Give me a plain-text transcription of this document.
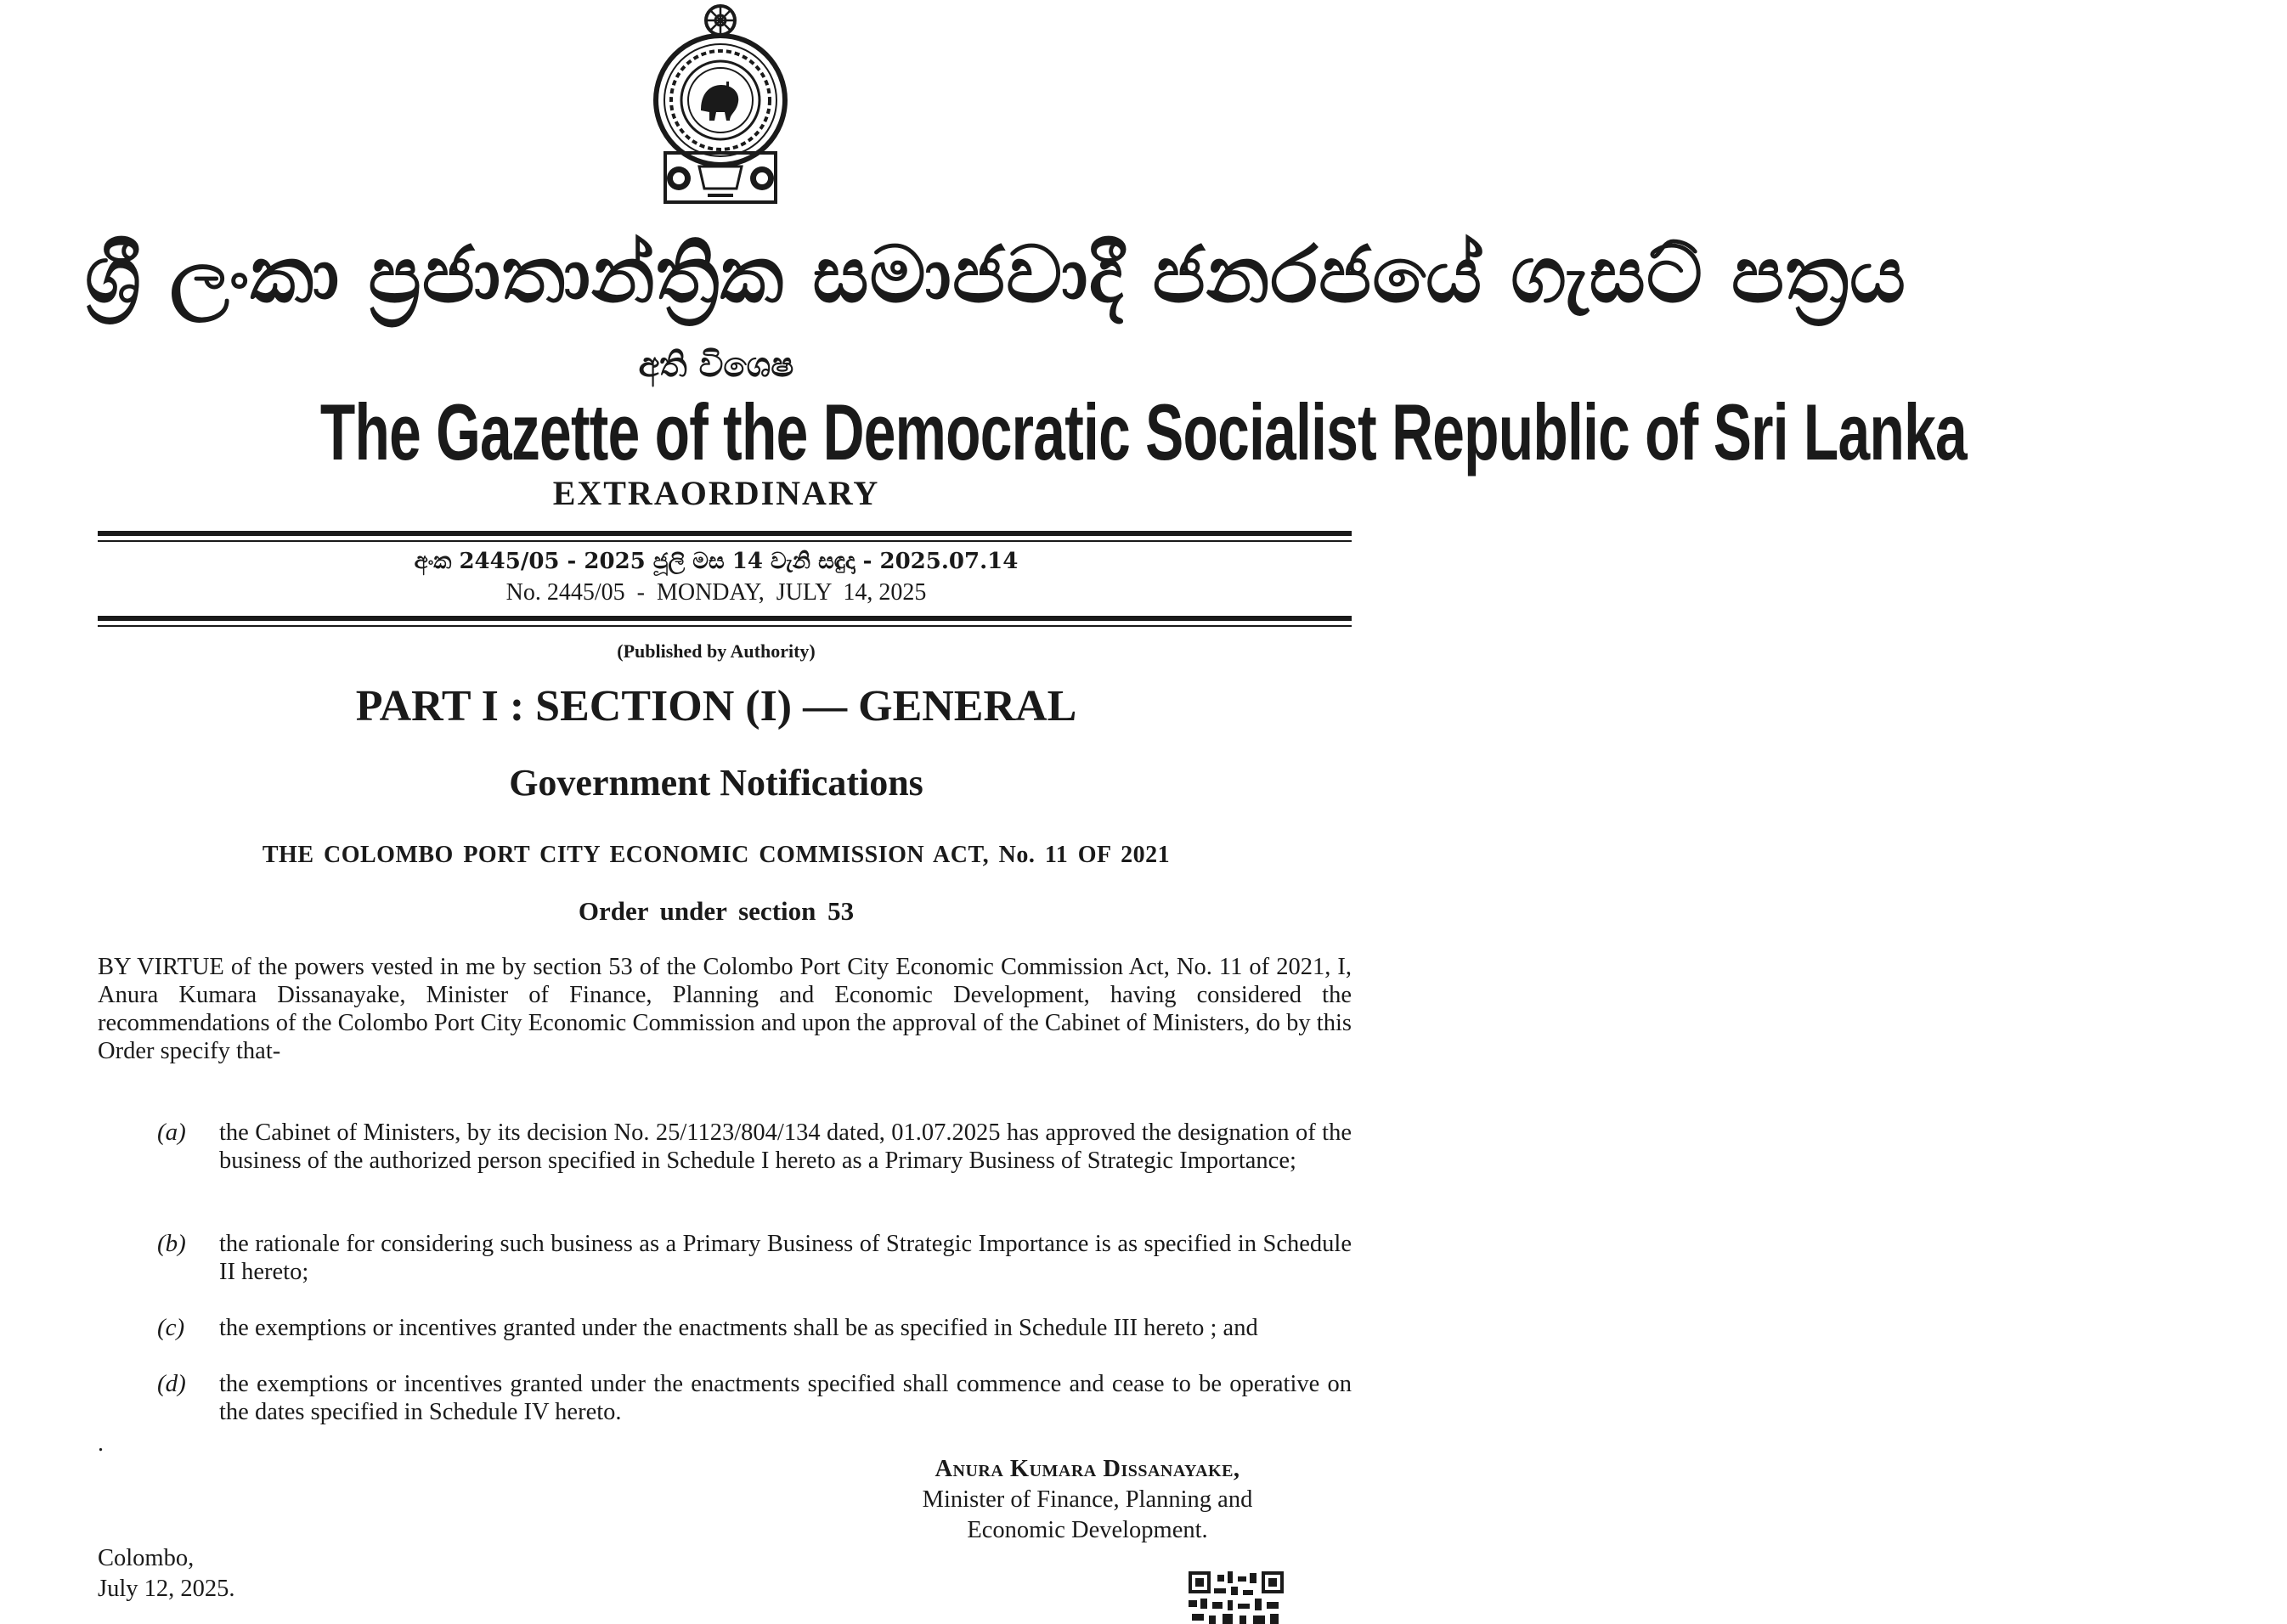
ශ්‍රී ලංකා ප්‍රජාතාන්ත්‍රික සමාජවාදී ජනරජයේ ගැසට් පත්‍රය
අති විශෙෂ
The Gazette of the Democratic Socialist Republic of Sri Lanka
EXTRAORDINARY
අංක 2445/05 - 2025 ජූලි මස 14 වැනි සඳුදා - 2025.07.14
No. 2445/05  -  MONDAY,  JULY  14, 2025
(Published by Authority)
PART I : SECTION (I) — GENERAL
Government Notifications
THE COLOMBO PORT CITY ECONOMIC COMMISSION ACT, No. 11 OF 2021
Order under section 53
BY VIRTUE of the powers vested in me by section 53 of the Colombo Port City Economic Commission Act, No. 11 of 2021, I, Anura Kumara Dissanayake, Minister of Finance, Planning and Economic Development, having considered the recommendations of the Colombo Port City Economic Commission and upon the approval of the Cabinet of Ministers, do by this Order specify that-
(a) the Cabinet of Ministers, by its decision No. 25/1123/804/134 dated, 01.07.2025 has approved the designation of the business of the authorized person specified in Schedule I hereto as a Primary Business of Strategic Importance;
(b) the rationale for considering such business as a Primary Business of Strategic Importance is as specified in Schedule II hereto;
(c) the exemptions or incentives granted under the enactments shall be as specified in Schedule III hereto ; and
(d) the exemptions or incentives granted under the enactments specified shall commence and cease to be operative on the dates specified in Schedule IV hereto.
.
Anura Kumara Dissanayake,
Minister of Finance, Planning and
Economic Development.
Colombo,
July 12, 2025.
